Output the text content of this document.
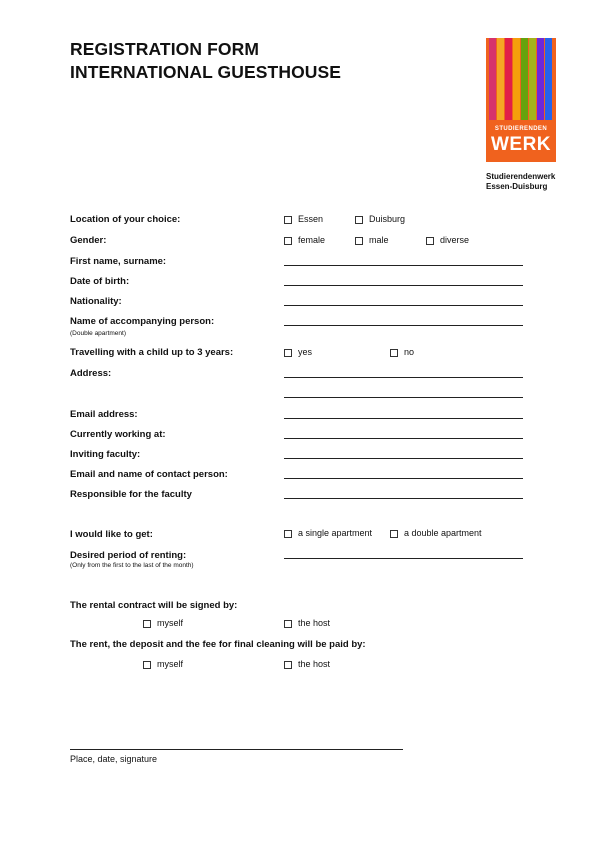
REGISTRATION FORM
INTERNATIONAL GUESTHOUSE
STUDIERENDEN
WERK
Studierendenwerk
Essen-Duisburg
Location of your choice:	Essen	Duisburg
Gender:	female	male	diverse
First name, surname:
Date of birth:
Nationality:
Name of accompanying person:
(Double apartment)
Travelling with a child up to 3 years:	yes	no
Address:
Email address:
Currently working at:
Inviting faculty:
Email and name of contact person:
Responsible for the faculty
I would like to get:	a single apartment	a double apartment
Desired period of renting:
(Only from the first to the last of the month)
The rental contract will be signed by:
myself	the host
The rent, the deposit and the fee for final cleaning will be paid by:
myself	the host
Place, date, signature
